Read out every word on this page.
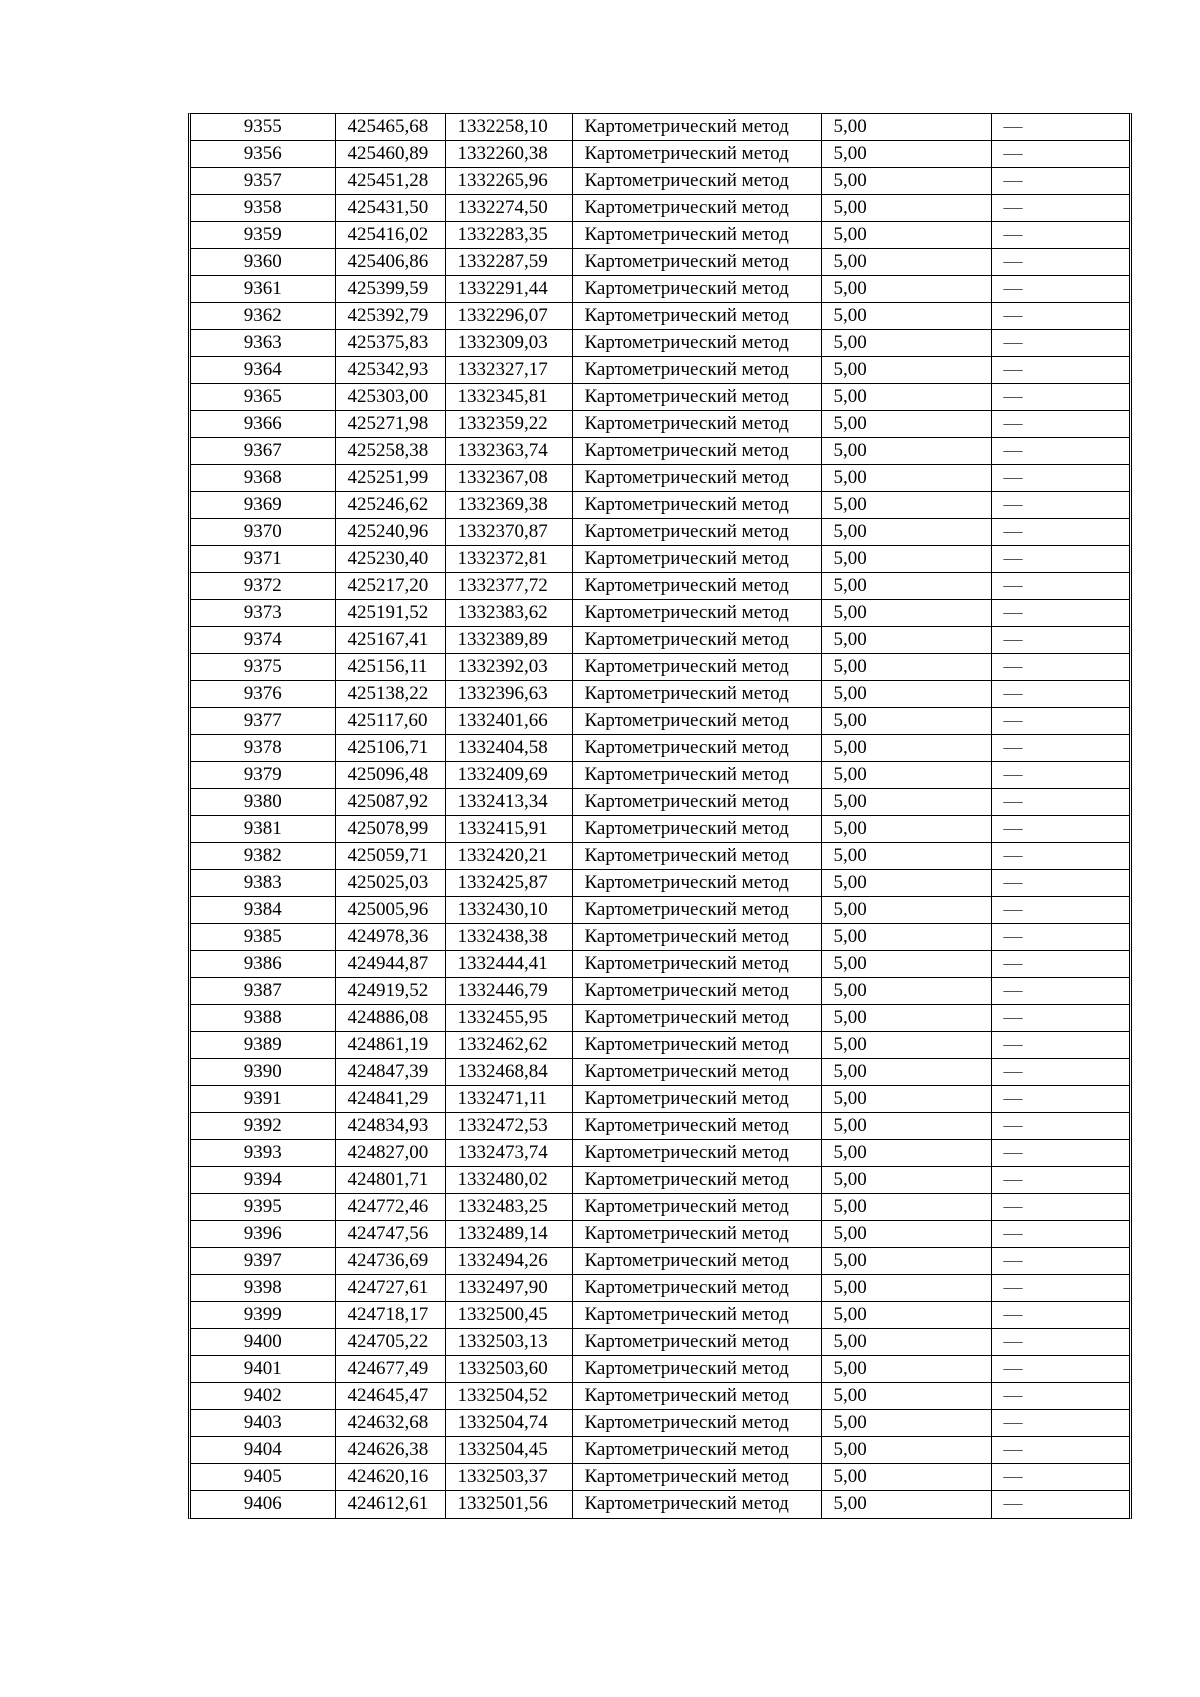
9355	425465,68	1332258,10	Картометрический метод	5,00	—
9356	425460,89	1332260,38	Картометрический метод	5,00	—
9357	425451,28	1332265,96	Картометрический метод	5,00	—
9358	425431,50	1332274,50	Картометрический метод	5,00	—
9359	425416,02	1332283,35	Картометрический метод	5,00	—
9360	425406,86	1332287,59	Картометрический метод	5,00	—
9361	425399,59	1332291,44	Картометрический метод	5,00	—
9362	425392,79	1332296,07	Картометрический метод	5,00	—
9363	425375,83	1332309,03	Картометрический метод	5,00	—
9364	425342,93	1332327,17	Картометрический метод	5,00	—
9365	425303,00	1332345,81	Картометрический метод	5,00	—
9366	425271,98	1332359,22	Картометрический метод	5,00	—
9367	425258,38	1332363,74	Картометрический метод	5,00	—
9368	425251,99	1332367,08	Картометрический метод	5,00	—
9369	425246,62	1332369,38	Картометрический метод	5,00	—
9370	425240,96	1332370,87	Картометрический метод	5,00	—
9371	425230,40	1332372,81	Картометрический метод	5,00	—
9372	425217,20	1332377,72	Картометрический метод	5,00	—
9373	425191,52	1332383,62	Картометрический метод	5,00	—
9374	425167,41	1332389,89	Картометрический метод	5,00	—
9375	425156,11	1332392,03	Картометрический метод	5,00	—
9376	425138,22	1332396,63	Картометрический метод	5,00	—
9377	425117,60	1332401,66	Картометрический метод	5,00	—
9378	425106,71	1332404,58	Картометрический метод	5,00	—
9379	425096,48	1332409,69	Картометрический метод	5,00	—
9380	425087,92	1332413,34	Картометрический метод	5,00	—
9381	425078,99	1332415,91	Картометрический метод	5,00	—
9382	425059,71	1332420,21	Картометрический метод	5,00	—
9383	425025,03	1332425,87	Картометрический метод	5,00	—
9384	425005,96	1332430,10	Картометрический метод	5,00	—
9385	424978,36	1332438,38	Картометрический метод	5,00	—
9386	424944,87	1332444,41	Картометрический метод	5,00	—
9387	424919,52	1332446,79	Картометрический метод	5,00	—
9388	424886,08	1332455,95	Картометрический метод	5,00	—
9389	424861,19	1332462,62	Картометрический метод	5,00	—
9390	424847,39	1332468,84	Картометрический метод	5,00	—
9391	424841,29	1332471,11	Картометрический метод	5,00	—
9392	424834,93	1332472,53	Картометрический метод	5,00	—
9393	424827,00	1332473,74	Картометрический метод	5,00	—
9394	424801,71	1332480,02	Картометрический метод	5,00	—
9395	424772,46	1332483,25	Картометрический метод	5,00	—
9396	424747,56	1332489,14	Картометрический метод	5,00	—
9397	424736,69	1332494,26	Картометрический метод	5,00	—
9398	424727,61	1332497,90	Картометрический метод	5,00	—
9399	424718,17	1332500,45	Картометрический метод	5,00	—
9400	424705,22	1332503,13	Картометрический метод	5,00	—
9401	424677,49	1332503,60	Картометрический метод	5,00	—
9402	424645,47	1332504,52	Картометрический метод	5,00	—
9403	424632,68	1332504,74	Картометрический метод	5,00	—
9404	424626,38	1332504,45	Картометрический метод	5,00	—
9405	424620,16	1332503,37	Картометрический метод	5,00	—
9406	424612,61	1332501,56	Картометрический метод	5,00	—
